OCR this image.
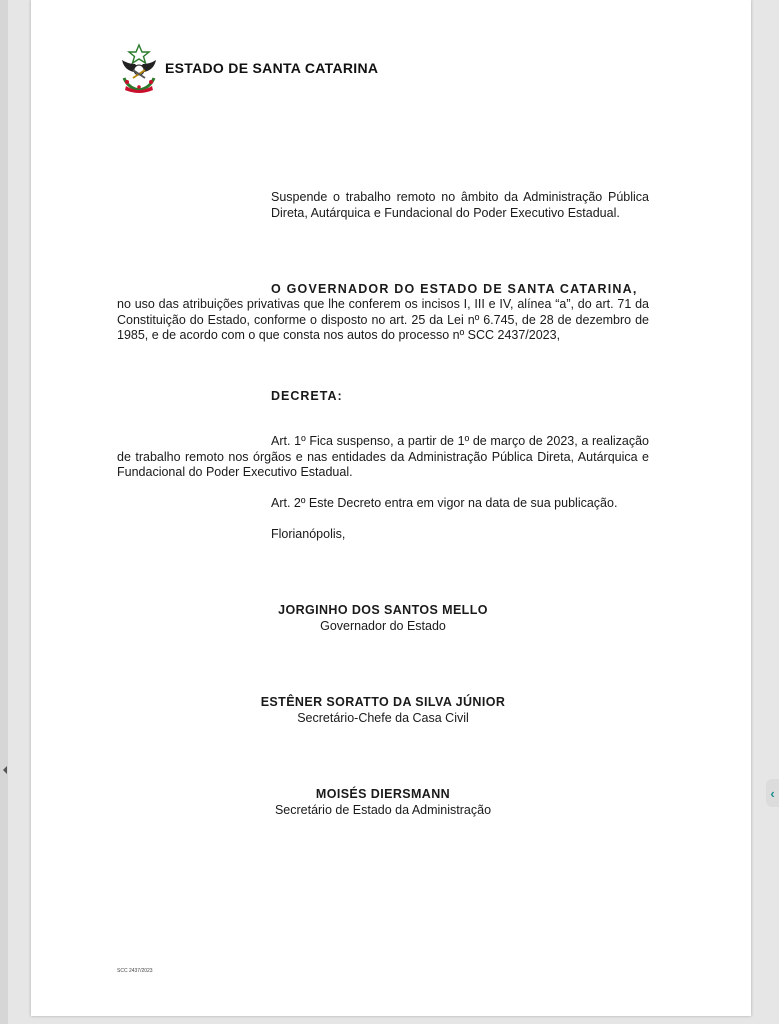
ESTADO DE SANTA CATARINA
Suspende o trabalho remoto no âmbito da Administração Pública Direta, Autárquica e Fundacional do Poder Executivo Estadual.
O GOVERNADOR DO ESTADO DE SANTA CATARINA,
no uso das atribuições privativas que lhe conferem os incisos I, III e IV, alínea “a”, do art. 71 da Constituição do Estado, conforme o disposto no art. 25 da Lei nº 6.745, de 28 de dezembro de 1985, e de acordo com o que consta nos autos do processo nº SCC 2437/2023,
DECRETA:
Art. 1º Fica suspenso, a partir de 1º de março de 2023, a realização de trabalho remoto nos órgãos e nas entidades da Administração Pública Direta, Autárquica e Fundacional do Poder Executivo Estadual.
Art. 2º Este Decreto entra em vigor na data de sua publicação.
Florianópolis,
JORGINHO DOS SANTOS MELLO
Governador do Estado
ESTÊNER SORATTO DA SILVA JÚNIOR
Secretário-Chefe da Casa Civil
MOISÉS DIERSMANN
Secretário de Estado da Administração
SCC 2437/2023
‹
